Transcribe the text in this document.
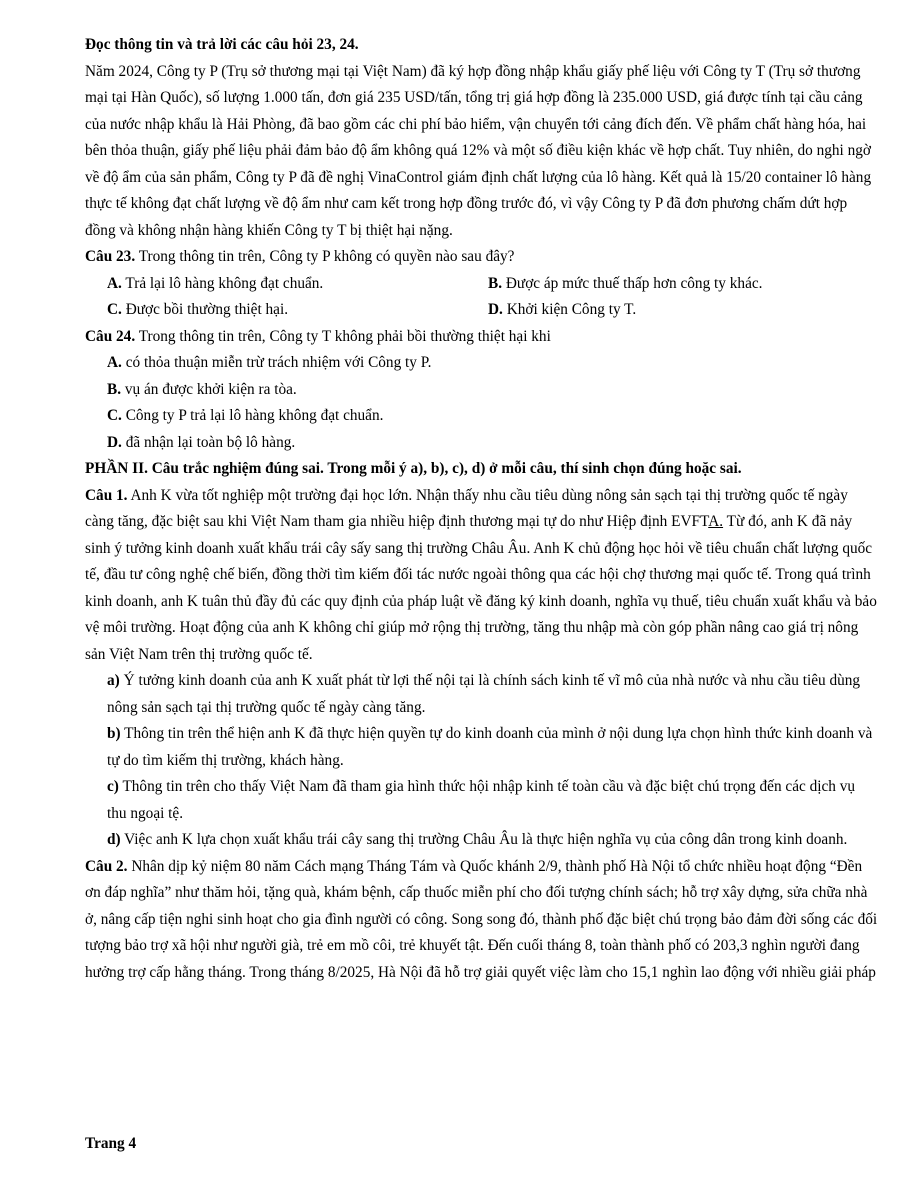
Đọc thông tin và trả lời các câu hỏi 23, 24.

Năm 2024, Công ty P (Trụ sở thương mại tại Việt Nam) đã ký hợp đồng nhập khẩu giấy phế liệu với Công ty T (Trụ sở thương mại tại Hàn Quốc), số lượng 1.000 tấn, đơn giá 235 USD/tấn, tổng trị giá hợp đồng là 235.000 USD, giá được tính tại cầu cảng của nước nhập khẩu là Hải Phòng, đã bao gồm các chi phí bảo hiểm, vận chuyển tới cảng đích đến. Về phẩm chất hàng hóa, hai bên thỏa thuận, giấy phế liệu phải đảm bảo độ ẩm không quá 12% và một số điều kiện khác về hợp chất. Tuy nhiên, do nghi ngờ về độ ẩm của sản phẩm, Công ty P đã đề nghị VinaControl giám định chất lượng của lô hàng. Kết quả là 15/20 container lô hàng thực tế không đạt chất lượng về độ ẩm như cam kết trong hợp đồng trước đó, vì vậy Công ty P đã đơn phương chấm dứt hợp đồng và không nhận hàng khiến Công ty T bị thiệt hại nặng.

Câu 23. Trong thông tin trên, Công ty P không có quyền nào sau đây?

A. Trả lại lô hàng không đạt chuẩn.	B. Được áp mức thuế thấp hơn công ty khác.
C. Được bồi thường thiệt hại.	D. Khởi kiện Công ty T.

Câu 24. Trong thông tin trên, Công ty T không phải bồi thường thiệt hại khi

A. có thỏa thuận miễn trừ trách nhiệm với Công ty P.

B. vụ án được khởi kiện ra tòa.

C. Công ty P trả lại lô hàng không đạt chuẩn.

D. đã nhận lại toàn bộ lô hàng.

PHẦN II. Câu trắc nghiệm đúng sai. Trong mỗi ý a), b), c), d) ở mỗi câu, thí sinh chọn đúng hoặc sai.

Câu 1. Anh K vừa tốt nghiệp một trường đại học lớn. Nhận thấy nhu cầu tiêu dùng nông sản sạch tại thị trường quốc tế ngày càng tăng, đặc biệt sau khi Việt Nam tham gia nhiều hiệp định thương mại tự do như Hiệp định EVFTA. Từ đó, anh K đã nảy sinh ý tưởng kinh doanh xuất khẩu trái cây sấy sang thị trường Châu Âu. Anh K chủ động học hỏi về tiêu chuẩn chất lượng quốc tế, đầu tư công nghệ chế biến, đồng thời tìm kiếm đối tác nước ngoài thông qua các hội chợ thương mại quốc tế. Trong quá trình kinh doanh, anh K tuân thủ đầy đủ các quy định của pháp luật về đăng ký kinh doanh, nghĩa vụ thuế, tiêu chuẩn xuất khẩu và bảo vệ môi trường. Hoạt động của anh K không chỉ giúp mở rộng thị trường, tăng thu nhập mà còn góp phần nâng cao giá trị nông sản Việt Nam trên thị trường quốc tế.

a) Ý tưởng kinh doanh của anh K xuất phát từ lợi thế nội tại là chính sách kinh tế vĩ mô của nhà nước và nhu cầu tiêu dùng nông sản sạch tại thị trường quốc tế ngày càng tăng.

b) Thông tin trên thể hiện anh K đã thực hiện quyền tự do kinh doanh của mình ở nội dung lựa chọn hình thức kinh doanh và tự do tìm kiếm thị trường, khách hàng.

c) Thông tin trên cho thấy Việt Nam đã tham gia hình thức hội nhập kinh tế toàn cầu và đặc biệt chú trọng đến các dịch vụ thu ngoại tệ.

d) Việc anh K lựa chọn xuất khẩu trái cây sang thị trường Châu Âu là thực hiện nghĩa vụ của công dân trong kinh doanh.

Câu 2. Nhân dịp kỷ niệm 80 năm Cách mạng Tháng Tám và Quốc khánh 2/9, thành phố Hà Nội tổ chức nhiều hoạt động “Đền ơn đáp nghĩa” như thăm hỏi, tặng quà, khám bệnh, cấp thuốc miễn phí cho đối tượng chính sách; hỗ trợ xây dựng, sửa chữa nhà ở, nâng cấp tiện nghi sinh hoạt cho gia đình người có công. Song song đó, thành phố đặc biệt chú trọng bảo đảm đời sống các đối tượng bảo trợ xã hội như người già, trẻ em mồ côi, trẻ khuyết tật. Đến cuối tháng 8, toàn thành phố có 203,3 nghìn người đang hưởng trợ cấp hằng tháng. Trong tháng 8/2025, Hà Nội đã hỗ trợ giải quyết việc làm cho 15,1 nghìn lao động với nhiều giải pháp

Trang 4
